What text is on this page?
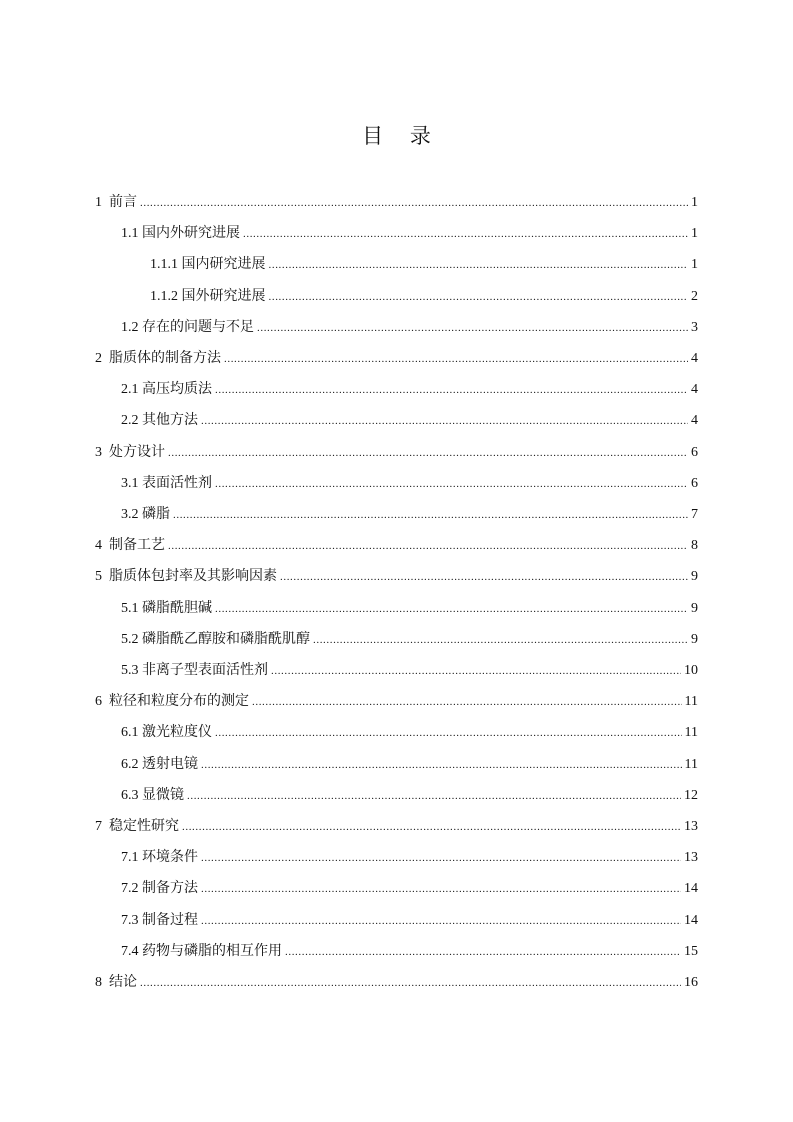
目    录
1 前言 .....	1
1.1 国内外研究进展 .....	1
1.1.1 国内研究进展 .....	1
1.1.2 国外研究进展 .....	2
1.2 存在的问题与不足 .....	3
2 脂质体的制备方法 .....	4
2.1 高压均质法 .....	4
2.2 其他方法 .....	4
3 处方设计 .....	6
3.1 表面活性剂 .....	6
3.2 磷脂 .....	7
4 制备工艺 .....	8
5 脂质体包封率及其影响因素 .....	9
5.1 磷脂酰胆碱 .....	9
5.2 磷脂酰乙醇胺和磷脂酰肌醇 .....	9
5.3 非离子型表面活性剂 .....	10
6 粒径和粒度分布的测定 .....	11
6.1 激光粒度仪 .....	11
6.2 透射电镜 .....	11
6.3 显微镜 .....	12
7 稳定性研究 .....	13
7.1 环境条件 .....	13
7.2 制备方法 .....	14
7.3 制备过程 .....	14
7.4 药物与磷脂的相互作用 .....	15
8 结论 .....	16
